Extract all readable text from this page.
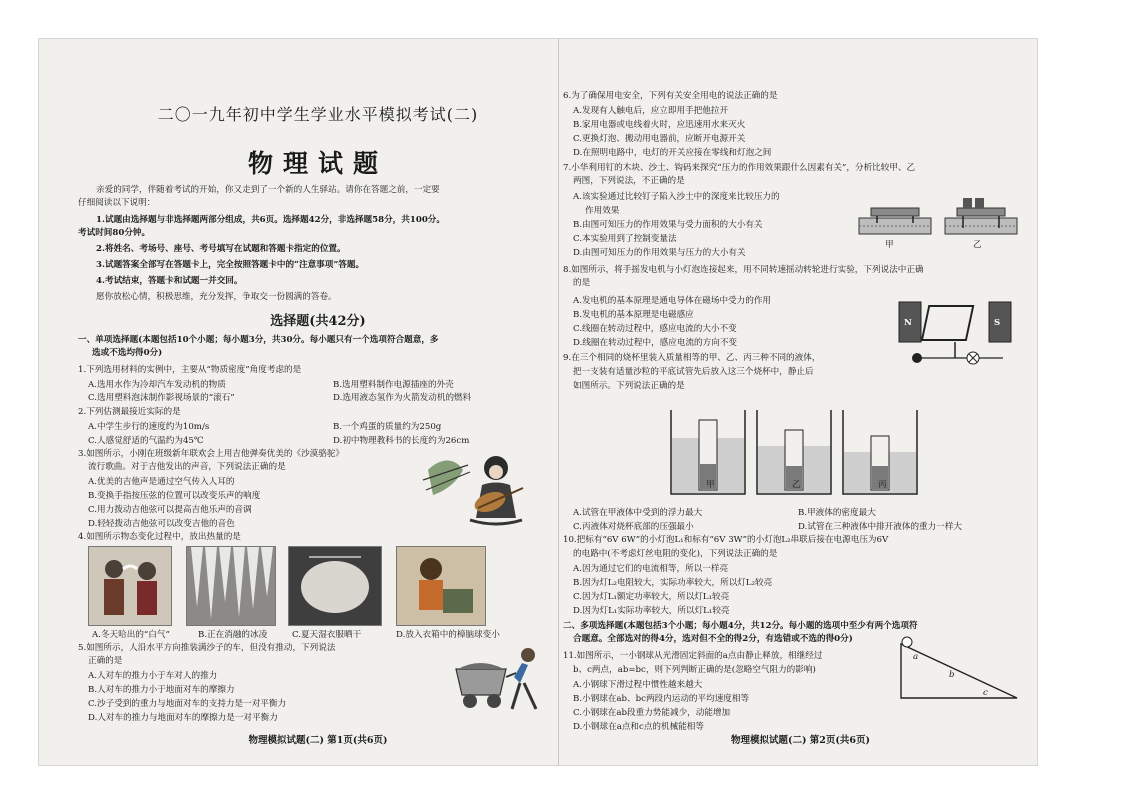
二〇一九年初中学生学业水平模拟考试(二)
物理试题
亲爱的同学，伴随着考试的开始，你又走到了一个新的人生驿站。请你在答题之前，一定要
仔细阅读以下说明：
1.试题由选择题与非选择题两部分组成，共6页。选择题42分，非选择题58分，共100分。
考试时间80分钟。
2.将姓名、考场号、座号、考号填写在试题和答题卡指定的位置。
3.试题答案全部写在答题卡上，完全按照答题卡中的“注意事项”答题。
4.考试结束，答题卡和试题一并交回。
愿你放松心情，积极思维，充分发挥，争取交一份圆满的答卷。
选择题(共42分)
一、单项选择题(本题包括10个小题；每小题3分，共30分。每小题只有一个选项符合题意，多
选或不选均得0分)
1.下列选用材料的实例中，主要从“物质密度”角度考虑的是
A.选用水作为冷却汽车发动机的物质	B.选用塑料制作电源插座的外壳
C.选用塑料泡沫制作影视场景的“滚石”	D.选用液态氢作为火箭发动机的燃料
2.下列估测最接近实际的是
A.中学生步行的速度约为10m/s	B.一个鸡蛋的质量约为250g
C.人感觉舒适的气温约为45℃	D.初中物理教科书的长度约为26cm
3.如图所示，小刚在班级新年联欢会上用吉他弹奏优美的《沙漠骆驼》
流行歌曲。对于吉他发出的声音，下列说法正确的是
A.优美的吉他声是通过空气传入人耳的
B.变换手指按压弦的位置可以改变乐声的响度
C.用力拨动吉他弦可以提高吉他乐声的音调
D.轻轻拨动吉他弦可以改变吉他的音色
4.如图所示物态变化过程中，放出热量的是
A.冬天哈出的“白气”	B.正在消融的冰凌	C.夏天湿衣服晒干	D.放入衣箱中的樟脑球变小
5.如图所示，人沿水平方向推装满沙子的车，但没有推动，下列说法
正确的是
A.人对车的推力小于车对人的推力
B.人对车的推力小于地面对车的摩擦力
C.沙子受到的重力与地面对车的支持力是一对平衡力
D.人对车的推力与地面对车的摩擦力是一对平衡力
物理模拟试题(二) 第1页(共6页)
6.为了确保用电安全，下列有关安全用电的说法正确的是
A.发现有人触电后，应立即用手把他拉开
B.家用电器或电线着火时，应迅速用水来灭火
C.更换灯泡、搬动用电器前，应断开电源开关
D.在照明电路中，电灯的开关应接在零线和灯泡之间
7.小华利用钉的木块、沙土、钩码来探究“压力的作用效果跟什么因素有关”，分析比较甲、乙
两图，下列说法，不正确的是
A.该实验通过比较钉子陷入沙土中的深度来比较压力的
作用效果
B.由图可知压力的作用效果与受力面积的大小有关
C.本实验用到了控制变量法
D.由图可知压力的作用效果与压力的大小有关
甲	乙
8.如图所示，将手摇发电机与小灯泡连接起来，用不同转速摇动转轮进行实验，下列说法中正确
的是
A.发电机的基本原理是通电导体在磁场中受力的作用
B.发电机的基本原理是电磁感应
C.线圈在转动过程中，感应电流的大小不变
D.线圈在转动过程中，感应电流的方向不变
N	S
9.在三个相同的烧杯里装入质量相等的甲、乙、丙三种不同的液体，
把一支装有适量沙粒的平底试管先后放入这三个烧杯中，静止后
如图所示。下列说法正确的是
甲	乙	丙
A.试管在甲液体中受到的浮力最大	B.甲液体的密度最大
C.丙液体对烧杯底部的压强最小	D.试管在三种液体中排开液体的重力一样大
10.把标有“6V 6W”的小灯泡L₁和标有“6V 3W”的小灯泡L₂串联后接在电源电压为6V
的电路中(不考虑灯丝电阻的变化)，下列说法正确的是
A.因为通过它们的电流相等，所以一样亮
B.因为灯L₂电阻较大，实际功率较大，所以灯L₂较亮
C.因为灯L₁额定功率较大，所以灯L₁较亮
D.因为灯L₁实际功率较大，所以灯L₁较亮
二、多项选择题(本题包括3个小题；每小题4分，共12分。每小题的选项中至少有两个选项符
合题意。全部选对的得4分，选对但不全的得2分，有选错或不选的得0分)
11.如图所示，一小钢球从光滑固定斜面的a点由静止释放，相继经过
b、c两点，ab=bc，则下列判断正确的是(忽略空气阻力的影响)
A.小钢球下滑过程中惯性越来越大
B.小钢球在ab、bc两段内运动的平均速度相等
C.小钢球在ab段重力势能减少，动能增加
D.小钢球在a点和c点的机械能相等
a
b
c
物理模拟试题(二) 第2页(共6页)
